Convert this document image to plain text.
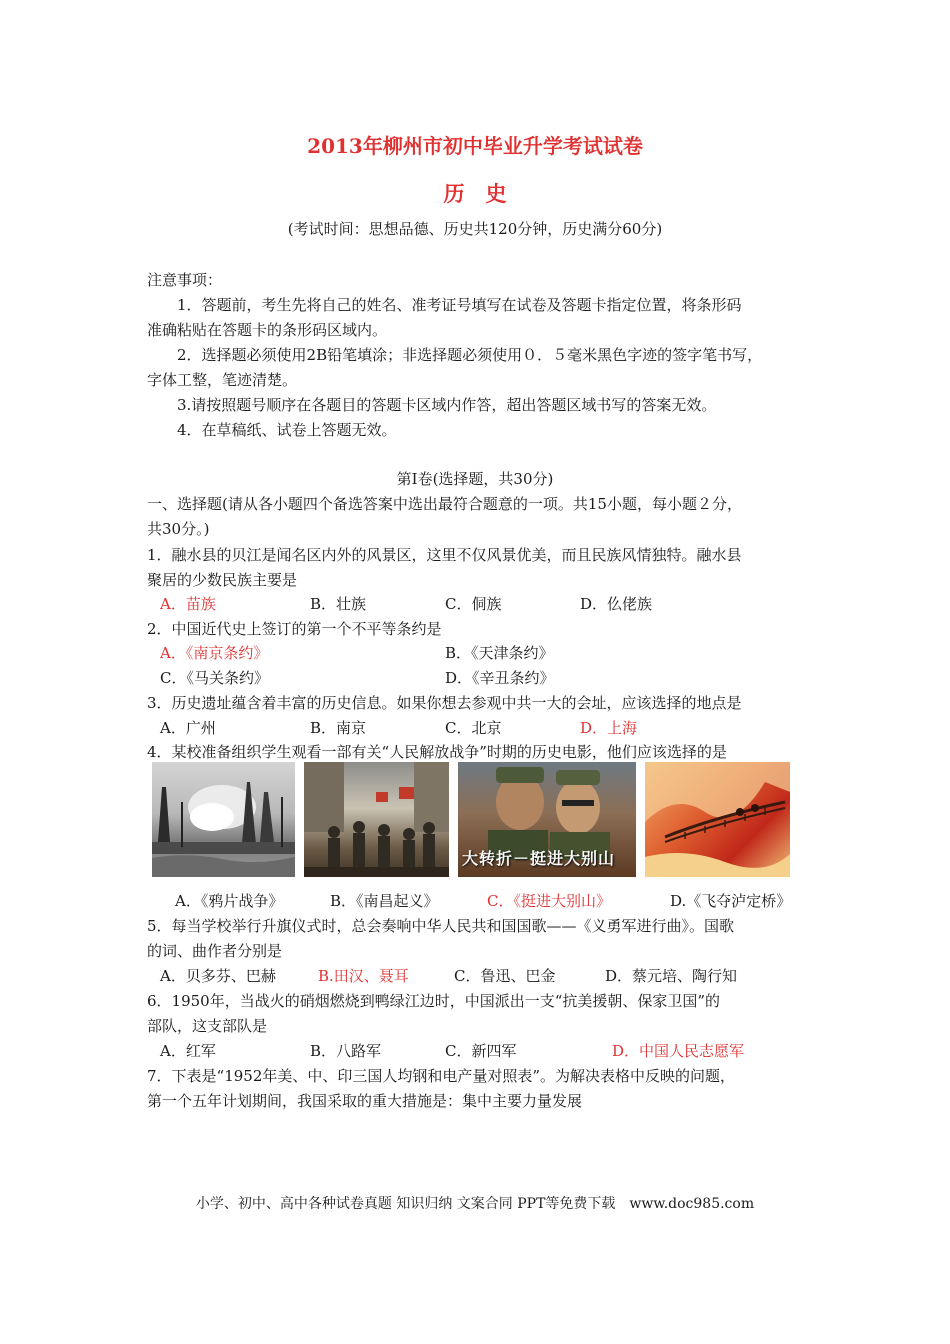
2013年柳州市初中毕业升学考试试卷
历　史
(考试时间：思想品德、历史共120分钟，历史满分60分)
注意事项：
1．答题前，考生先将自己的姓名、准考证号填写在试卷及答题卡指定位置，将条形码
准确粘贴在答题卡的条形码区域内。
2．选择题必须使用2B铅笔填涂；非选择题必须使用０．５毫米黑色字迹的签字笔书写，
字体工整，笔迹清楚。
3.请按照题号顺序在各题目的答题卡区域内作答，超出答题区域书写的答案无效。
4．在草稿纸、试卷上答题无效。
第Ⅰ卷(选择题，共30分)
一、选择题(请从各小题四个备选答案中选出最符合题意的一项。共15小题，每小题２分，
共30分。)
1．融水县的贝江是闻名区内外的风景区，这里不仅风景优美，而且民族风情独特。融水县
聚居的少数民族主要是
A．苗族	B．壮族	C．侗族	D．仫佬族
2．中国近代史上签订的第一个不平等条约是
A．《南京条约》	B．《天津条约》
C．《马关条约》	D．《辛丑条约》
3．历史遗址蕴含着丰富的历史信息。如果你想去参观中共一大的会址，应该选择的地点是
A．广州	B．南京	C．北京	D．上海
4．某校准备组织学生观看一部有关“人民解放战争”时期的历史电影，他们应该选择的是
大转折－挺进大别山
A．《鸦片战争》	B．《南昌起义》	C．《挺进大别山》	D.《飞夺泸定桥》
5．每当学校举行升旗仪式时，总会奏响中华人民共和国国歌——《义勇军进行曲》。国歌
的词、曲作者分别是
A．贝多芬、巴赫	B.田汉、聂耳	C．鲁迅、巴金	D．蔡元培、陶行知
6．1950年，当战火的硝烟燃烧到鸭绿江边时，中国派出一支“抗美援朝、保家卫国”的
部队，这支部队是
A．红军	B．八路军	C．新四军	D．中国人民志愿军
7．下表是“1952年美、中、印三国人均钢和电产量对照表”。为解决表格中反映的问题，
第一个五年计划期间，我国采取的重大措施是：集中主要力量发展
小学、初中、高中各种试卷真题 知识归纳 文案合同 PPT等免费下载　www.doc985.com
